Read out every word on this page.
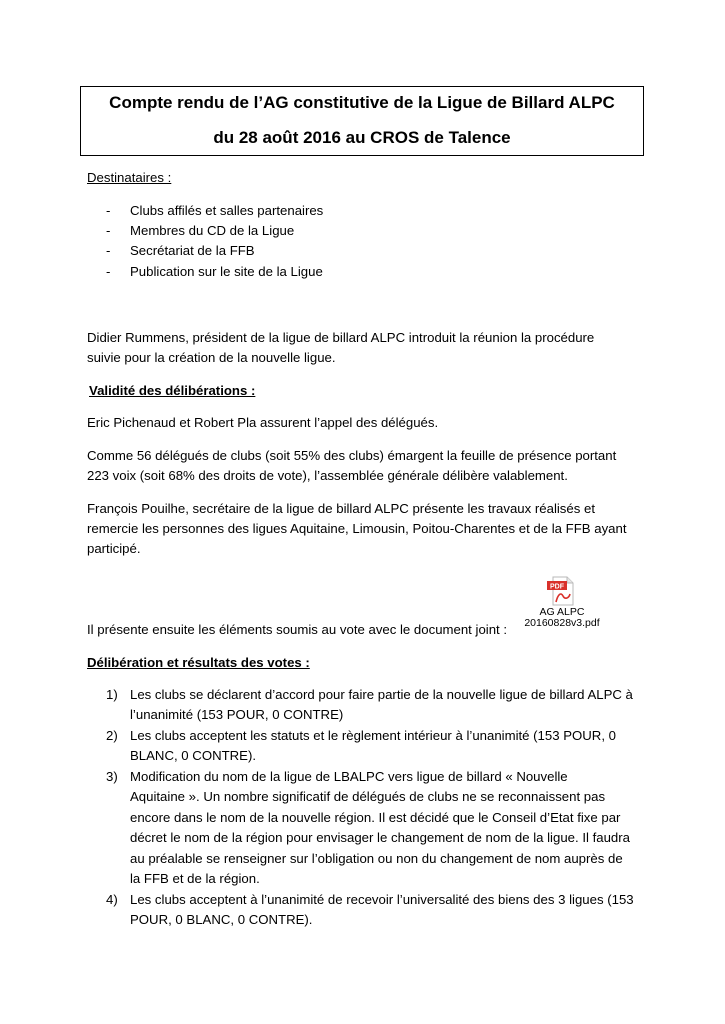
Compte rendu de l’AG constitutive de la Ligue de Billard ALPC
du 28 août 2016 au CROS de Talence
Destinataires :
- Clubs affilés et salles partenaires
- Membres du CD de la Ligue
- Secrétariat de la FFB
- Publication sur le site de la Ligue
Didier Rummens, président de la ligue de billard ALPC introduit la réunion la procédure
suivie pour la création de la nouvelle ligue.
Validité des délibérations :
Eric Pichenaud et Robert Pla assurent l’appel des délégués.
Comme 56 délégués de clubs (soit 55% des clubs) émargent la feuille de présence portant
223 voix (soit 68% des droits de vote), l’assemblée générale délibère valablement.
François Pouilhe, secrétaire de la ligue de billard ALPC présente les travaux réalisés et
remercie les personnes des ligues Aquitaine, Limousin, Poitou-Charentes et de la FFB ayant
participé.
PDF
AG ALPC
20160828v3.pdf
Il présente ensuite les éléments soumis au vote avec le document joint :
Délibération et résultats des votes :
1) Les clubs se déclarent d’accord pour faire partie de la nouvelle ligue de billard ALPC à
l’unanimité (153 POUR, 0 CONTRE)
2) Les clubs acceptent les statuts et le règlement intérieur à l’unanimité (153 POUR, 0
BLANC, 0 CONTRE).
3) Modification du nom de la ligue de LBALPC vers ligue de billard « Nouvelle
Aquitaine ». Un nombre significatif de délégués de clubs ne se reconnaissent pas
encore dans le nom de la nouvelle région. Il est décidé que le Conseil d’Etat fixe par
décret le nom de la région pour envisager le changement de nom de la ligue. Il faudra
au préalable se renseigner sur l’obligation ou non du changement de nom auprès de
la FFB et de la région.
4) Les clubs acceptent à l’unanimité de recevoir l’universalité des biens des 3 ligues (153
POUR, 0 BLANC, 0 CONTRE).
